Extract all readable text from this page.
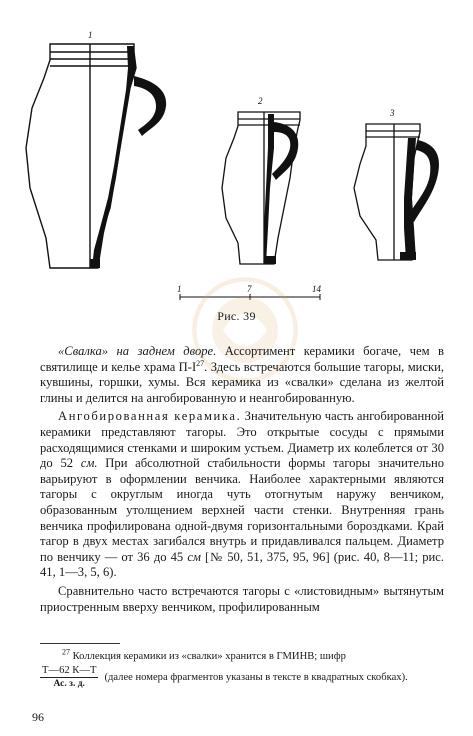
1
2
3
1	7	14
Рис. 39

«Свалка» на заднем дворе. Ассортимент керамики богаче, чем в святилище и келье храма $П-I^{27}$. Здесь встречаются большие тагоры, миски, кувшины, горшки, хумы. Вся керамика из «свалки» сделана из желтой глины и делится на ангобированную и неангобированную.

Ангобированная керамика. Значительную часть ангобированной керамики представляют тагоры. Это открытые сосуды с прямыми расходящимися стенками и широким устьем. Диаметр их колеблется от 30 до 52 см. При абсолютной стабильности формы тагоры значительно варьируют в оформлении венчика. Наиболее характерными являются тагоры с округлым иногда чуть отогнутым наружу венчиком, образованным утолщением верхней части стенки. Внутренняя грань венчика профилирована одной-двумя горизонтальными бороздками. Край тагор в двух местах загибался внутрь и придавливался пальцем. Диаметр по венчику — от 36 до 45 см [№ 50, 51, 375, 95, 96] (рис. 40, 8—11; рис. 41, 1—3, 5, 6).

Сравнительно часто встречаются тагоры с «листовидным» вытянутым приостренным вверху венчиком, профилированным

$^{27}$ Коллекция керамики из «свалки» хранится в ГМИНВ; шифр
$\frac{Т—62 К—Т}{Ас. з. д.}$ (далее номера фрагментов указаны в тексте в квадратных скобках).
96
